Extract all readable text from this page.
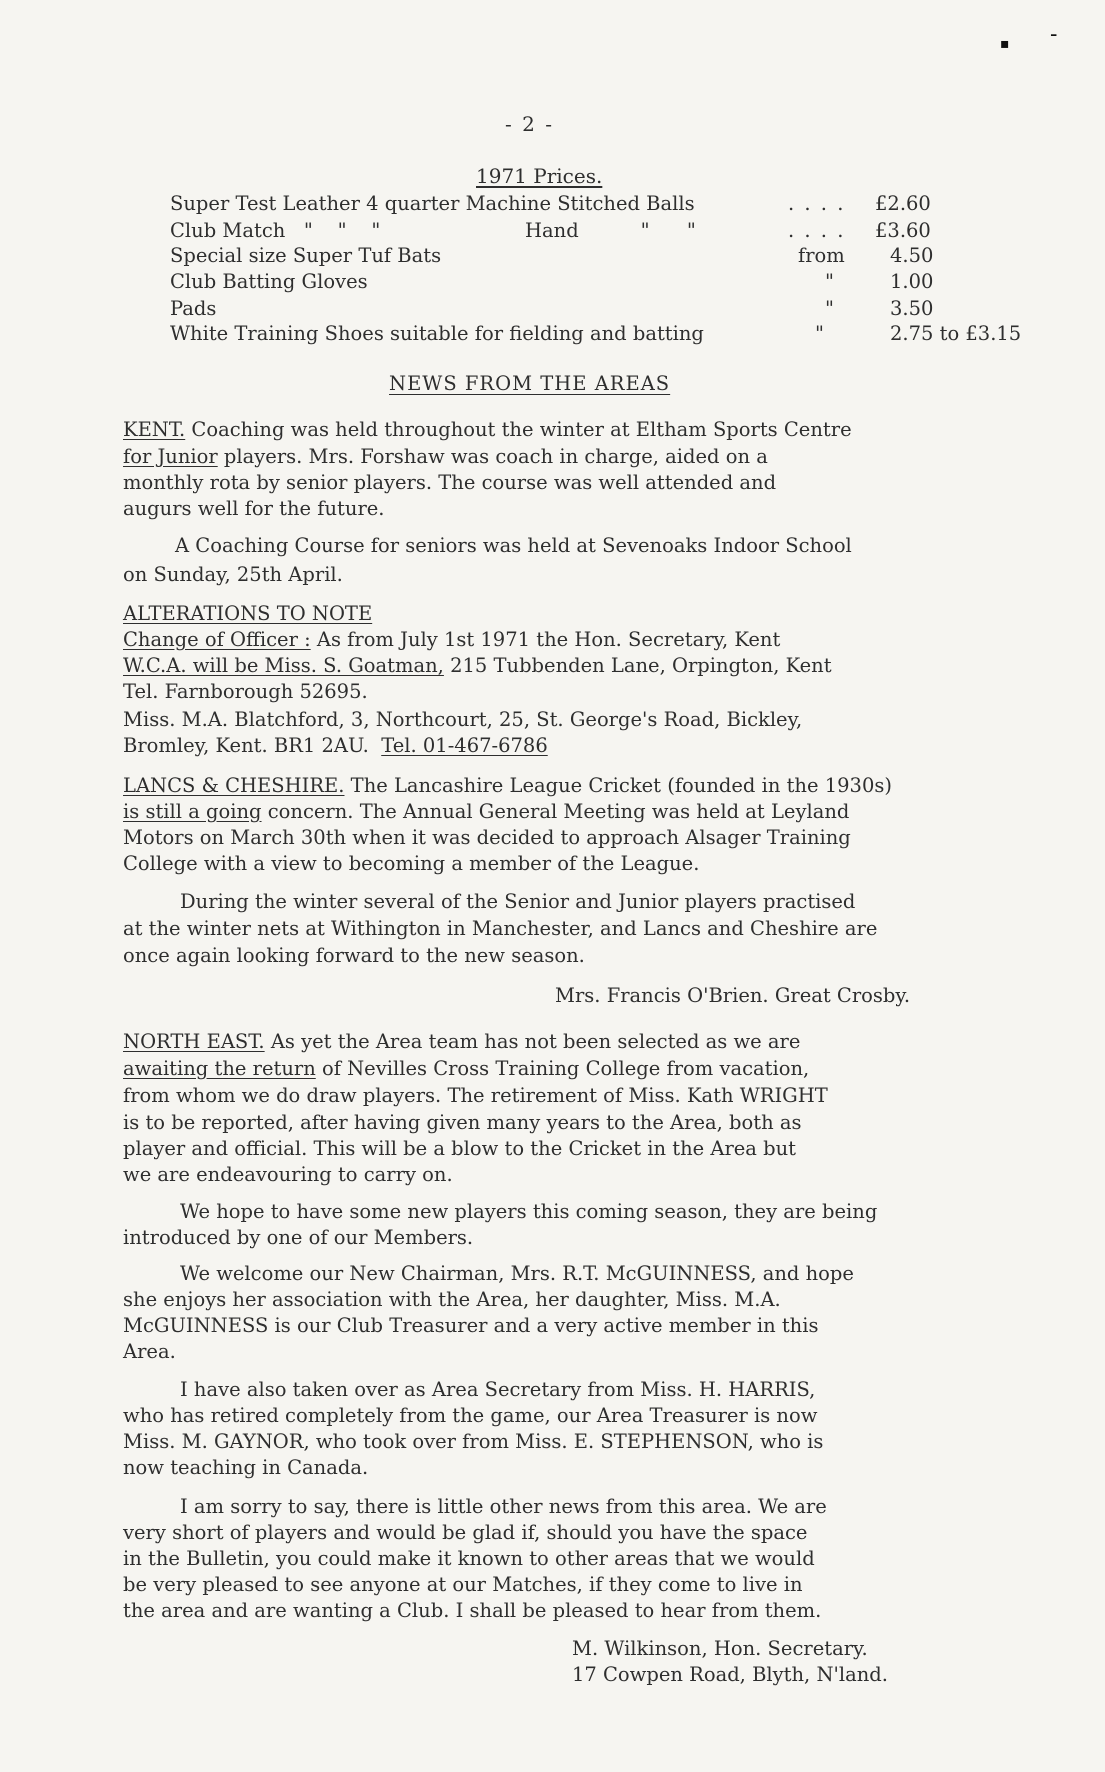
-
▪
- 2 -
1971 Prices.
Super Test Leather 4 quarter Machine Stitched Balls	. . . . £2.60
Club Match   "    "    "	Hand          "      "	. . . . £3.60
Special size Super Tuf Bats	from 4.50
Club Batting Gloves	"	1.00
Pads	"	3.50
White Training Shoes suitable for fielding and batting	"	2.75 to £3.15
NEWS FROM THE AREAS
KENT. Coaching was held throughout the winter at Eltham Sports Centre
for Junior players. Mrs. Forshaw was coach in charge, aided on a
monthly rota by senior players. The course was well attended and
augurs well for the future.
A Coaching Course for seniors was held at Sevenoaks Indoor School
on Sunday, 25th April.
ALTERATIONS TO NOTE
Change of Officer : As from July 1st 1971 the Hon. Secretary, Kent
W.C.A. will be Miss. S. Goatman, 215 Tubbenden Lane, Orpington, Kent
Tel. Farnborough 52695.
Miss. M.A. Blatchford, 3, Northcourt, 25, St. George's Road, Bickley,
Bromley, Kent. BR1 2AU.  Tel. 01-467-6786
LANCS & CHESHIRE. The Lancashire League Cricket (founded in the 1930s)
is still a going concern. The Annual General Meeting was held at Leyland
Motors on March 30th when it was decided to approach Alsager Training
College with a view to becoming a member of the League.
During the winter several of the Senior and Junior players practised
at the winter nets at Withington in Manchester, and Lancs and Cheshire are
once again looking forward to the new season.
Mrs. Francis O'Brien. Great Crosby.
NORTH EAST. As yet the Area team has not been selected as we are
awaiting the return of Nevilles Cross Training College from vacation,
from whom we do draw players. The retirement of Miss. Kath WRIGHT
is to be reported, after having given many years to the Area, both as
player and official. This will be a blow to the Cricket in the Area but
we are endeavouring to carry on.
We hope to have some new players this coming season, they are being
introduced by one of our Members.
We welcome our New Chairman, Mrs. R.T. McGUINNESS, and hope
she enjoys her association with the Area, her daughter, Miss. M.A.
McGUINNESS is our Club Treasurer and a very active member in this
Area.
I have also taken over as Area Secretary from Miss. H. HARRIS,
who has retired completely from the game, our Area Treasurer is now
Miss. M. GAYNOR, who took over from Miss. E. STEPHENSON, who is
now teaching in Canada.
I am sorry to say, there is little other news from this area. We are
very short of players and would be glad if, should you have the space
in the Bulletin, you could make it known to other areas that we would
be very pleased to see anyone at our Matches, if they come to live in
the area and are wanting a Club. I shall be pleased to hear from them.
M. Wilkinson, Hon. Secretary.
17 Cowpen Road, Blyth, N'land.
